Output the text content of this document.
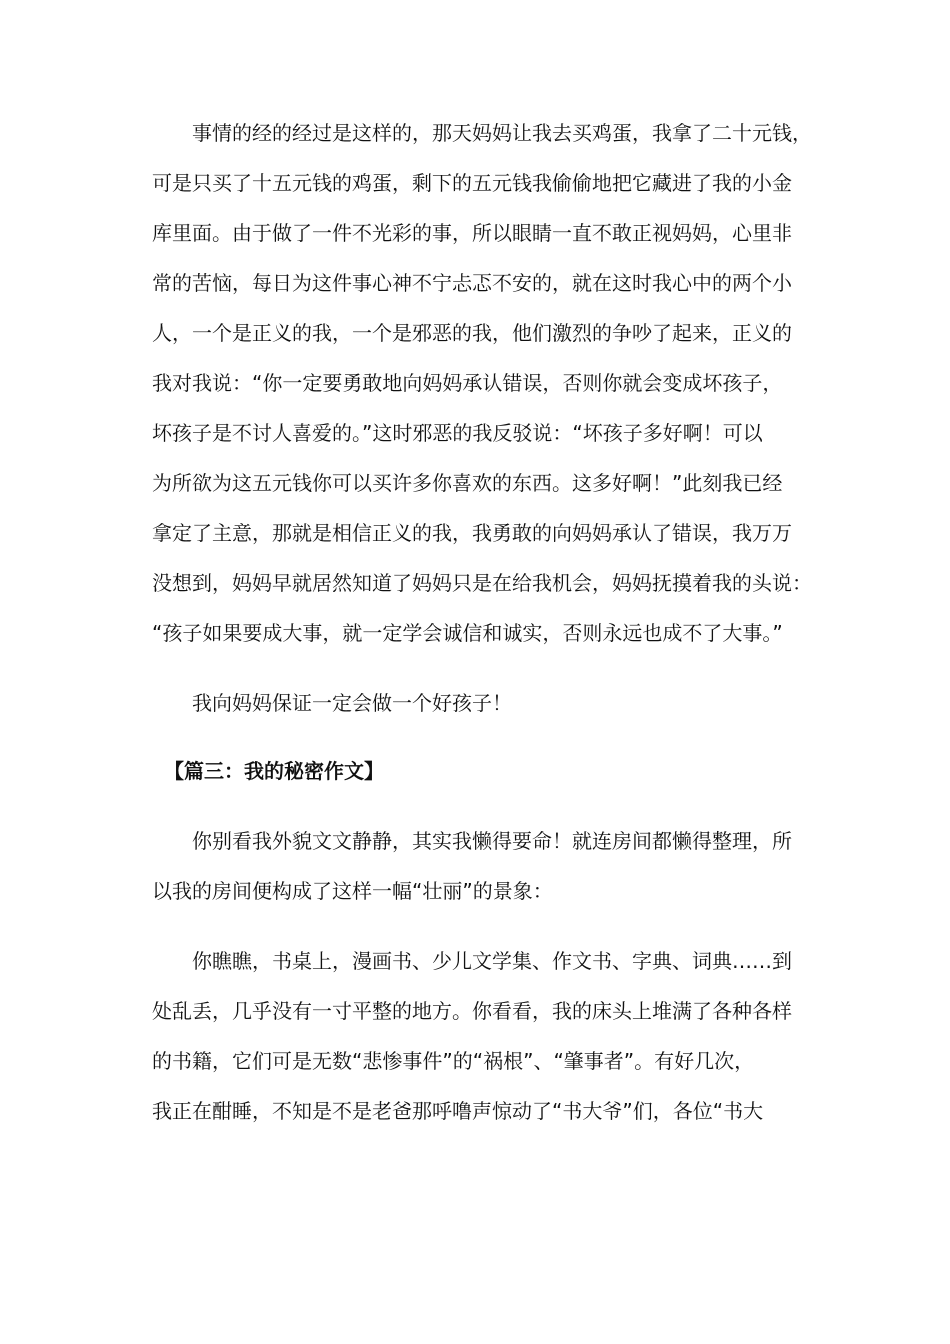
事情的经的经过是这样的，那天妈妈让我去买鸡蛋，我拿了二十元钱，
可是只买了十五元钱的鸡蛋，剩下的五元钱我偷偷地把它藏进了我的小金
库里面。由于做了一件不光彩的事，所以眼睛一直不敢正视妈妈，心里非
常的苦恼，每日为这件事心神不宁忐忑不安的，就在这时我心中的两个小
人，一个是正义的我，一个是邪恶的我，他们激烈的争吵了起来，正义的
我对我说：“你一定要勇敢地向妈妈承认错误，否则你就会变成坏孩子，
坏孩子是不讨人喜爱的。”这时邪恶的我反驳说：“坏孩子多好啊！可以
为所欲为这五元钱你可以买许多你喜欢的东西。这多好啊！”此刻我已经
拿定了主意，那就是相信正义的我，我勇敢的向妈妈承认了错误，我万万
没想到，妈妈早就居然知道了妈妈只是在给我机会，妈妈抚摸着我的头说：
“孩子如果要成大事，就一定学会诚信和诚实，否则永远也成不了大事。”
我向妈妈保证一定会做一个好孩子！
【篇三：我的秘密作文】
你别看我外貌文文静静，其实我懒得要命！就连房间都懒得整理，所
以我的房间便构成了这样一幅“壮丽”的景象：
你瞧瞧，书桌上，漫画书、少儿文学集、作文书、字典、词典……到
处乱丢，几乎没有一寸平整的地方。你看看，我的床头上堆满了各种各样
的书籍，它们可是无数“悲惨事件”的“祸根”、“肇事者”。有好几次，
我正在酣睡，不知是不是老爸那呼噜声惊动了“书大爷”们，各位“书大
